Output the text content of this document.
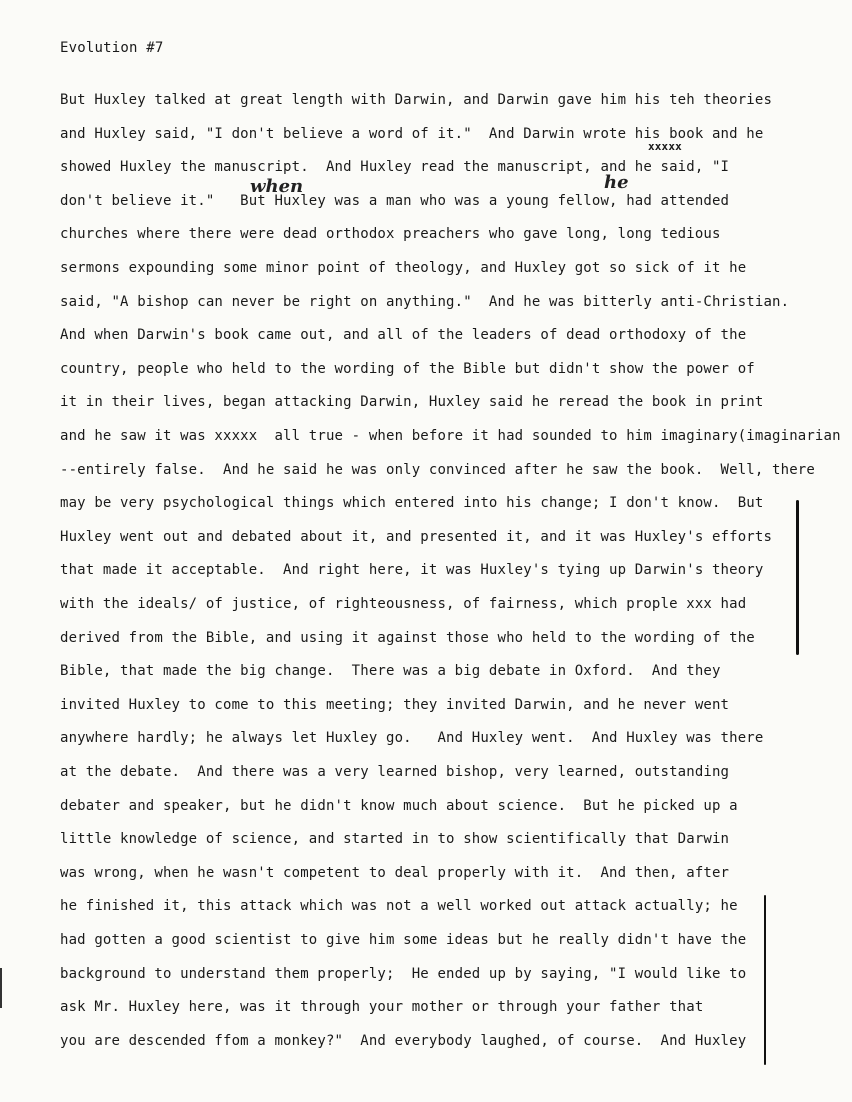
Evolution #7
when	he
xxxxx
But Huxley talked at great length with Darwin, and Darwin gave him his teh theories
and Huxley said, "I don't believe a word of it."  And Darwin wrote his book and he
showed Huxley the manuscript.  And Huxley read the manuscript, and he said, "I
don't believe it."   But Huxley was a man who was a young fellow, had attended
churches where there were dead orthodox preachers who gave long, long tedious
sermons expounding some minor point of theology, and Huxley got so sick of it he
said, "A bishop can never be right on anything."  And he was bitterly anti-Christian.
And when Darwin's book came out, and all of the leaders of dead orthodoxy of the
country, people who held to the wording of the Bible but didn't show the power of
it in their lives, began attacking Darwin, Huxley said he reread the book in print
and he saw it was xxxxx  all true - when before it had sounded to him imaginary(imaginarian
--entirely false.  And he said he was only convinced after he saw the book.  Well, there
may be very psychological things which entered into his change; I don't know.  But
Huxley went out and debated about it, and presented it, and it was Huxley's efforts
that made it acceptable.  And right here, it was Huxley's tying up Darwin's theory
with the ideals/ of justice, of righteousness, of fairness, which prople xxx had
derived from the Bible, and using it against those who held to the wording of the
Bible, that made the big change.  There was a big debate in Oxford.  And they
invited Huxley to come to this meeting; they invited Darwin, and he never went
anywhere hardly; he always let Huxley go.   And Huxley went.  And Huxley was there
at the debate.  And there was a very learned bishop, very learned, outstanding
debater and speaker, but he didn't know much about science.  But he picked up a
little knowledge of science, and started in to show scientifically that Darwin
was wrong, when he wasn't competent to deal properly with it.  And then, after
he finished it, this attack which was not a well worked out attack actually; he
had gotten a good scientist to give him some ideas but he really didn't have the
background to understand them properly;  He ended up by saying, "I would like to
ask Mr. Huxley here, was it through your mother or through your father that
you are descended ffom a monkey?"  And everybody laughed, of course.  And Huxley
